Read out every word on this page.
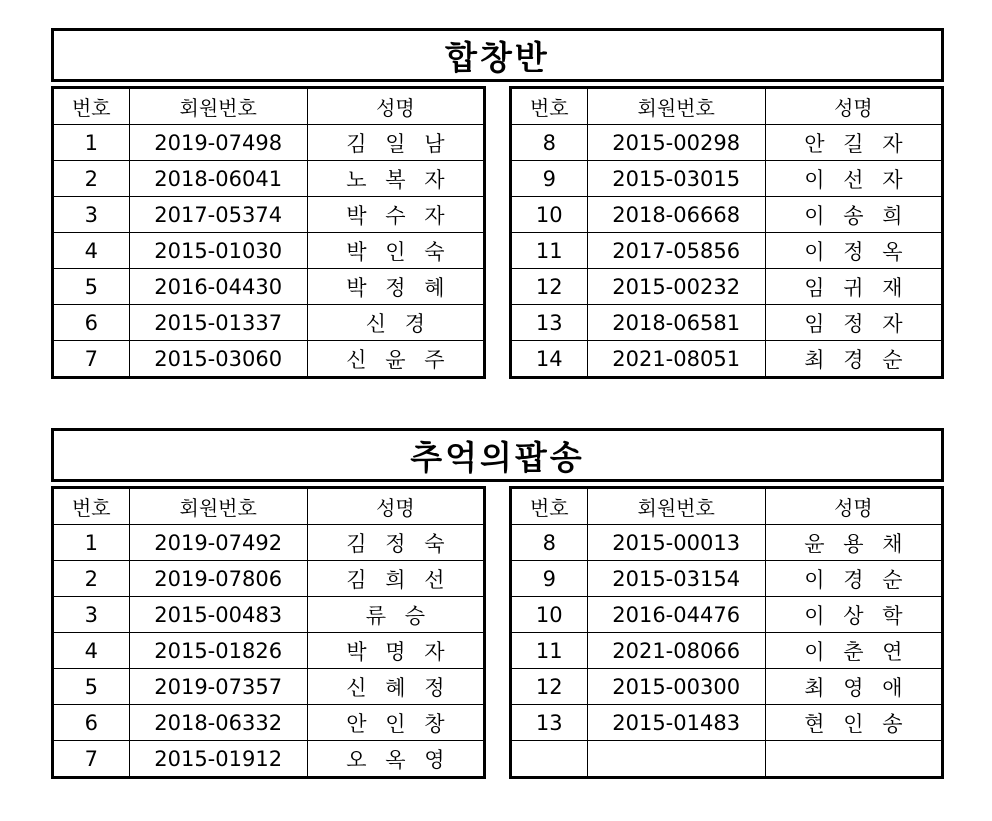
합창반
번호	회원번호	성명
1	2019-07498	김 일 남
2	2018-06041	노 복 자
3	2017-05374	박 수 자
4	2015-01030	박 인 숙
5	2016-04430	박 정 혜
6	2015-01337	신 경
7	2015-03060	신 윤 주
번호	회원번호	성명
8	2015-00298	안 길 자
9	2015-03015	이 선 자
10	2018-06668	이 송 희
11	2017-05856	이 정 옥
12	2015-00232	임 귀 재
13	2018-06581	임 정 자
14	2021-08051	최 경 순
추억의팝송
번호	회원번호	성명
1	2019-07492	김 정 숙
2	2019-07806	김 희 선
3	2015-00483	류 승
4	2015-01826	박 명 자
5	2019-07357	신 혜 정
6	2018-06332	안 인 창
7	2015-01912	오 옥 영
번호	회원번호	성명
8	2015-00013	윤 용 채
9	2015-03154	이 경 순
10	2016-04476	이 상 학
11	2021-08066	이 춘 연
12	2015-00300	최 영 애
13	2015-01483	현 인 송
